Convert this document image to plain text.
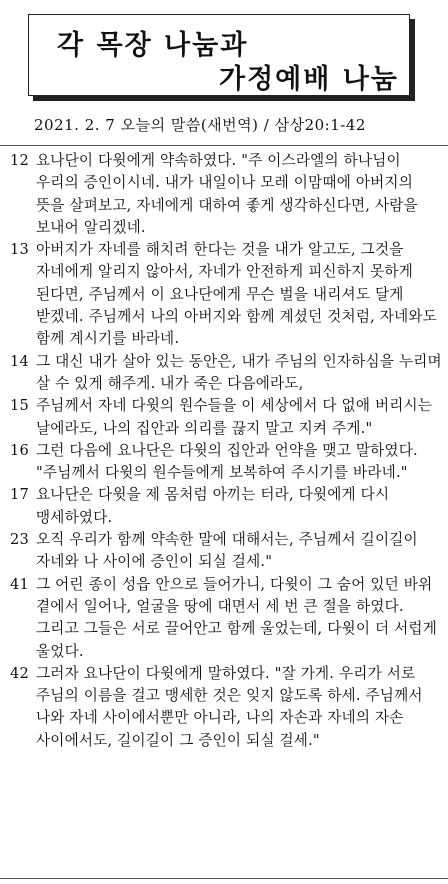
각 목장 나눔과
가정예배 나눔
2021. 2. 7 오늘의 말씀(새번역) / 삼상20:1-42

12 요나단이 다윗에게 약속하였다. "주 이스라엘의 하나님이 우리의 증인이시네. 내가 내일이나 모레 이맘때에 아버지의 뜻을 살펴보고, 자네에게 대하여 좋게 생각하신다면, 사람을 보내어 알리겠네.

13 아버지가 자네를 해치려 한다는 것을 내가 알고도, 그것을 자네에게 알리지 않아서, 자네가 안전하게 피신하지 못하게 된다면, 주님께서 이 요나단에게 무슨 벌을 내리셔도 달게 받겠네. 주님께서 나의 아버지와 함께 계셨던 것처럼, 자네와도 함께 계시기를 바라네.

14 그 대신 내가 살아 있는 동안은, 내가 주님의 인자하심을 누리며 살 수 있게 해주게. 내가 죽은 다음에라도,

15 주님께서 자네 다윗의 원수들을 이 세상에서 다 없애 버리시는 날에라도, 나의 집안과 의리를 끊지 말고 지켜 주게."

16 그런 다음에 요나단은 다윗의 집안과 언약을 맺고 말하였다. "주님께서 다윗의 원수들에게 보복하여 주시기를 바라네."

17 요나단은 다윗을 제 몸처럼 아끼는 터라, 다윗에게 다시 맹세하였다.

23 오직 우리가 함께 약속한 말에 대해서는, 주님께서 길이길이 자네와 나 사이에 증인이 되실 걸세."

41 그 어린 종이 성읍 안으로 들어가니, 다윗이 그 숨어 있던 바위 곁에서 일어나, 얼굴을 땅에 대면서 세 번 큰 절을 하였다. 그리고 그들은 서로 끌어안고 함께 울었는데, 다윗이 더 서럽게 울었다.

42 그러자 요나단이 다윗에게 말하였다. "잘 가게. 우리가 서로 주님의 이름을 걸고 맹세한 것은 잊지 않도록 하세. 주님께서 나와 자네 사이에서뿐만 아니라, 나의 자손과 자네의 자손 사이에서도, 길이길이 그 증인이 되실 걸세."
